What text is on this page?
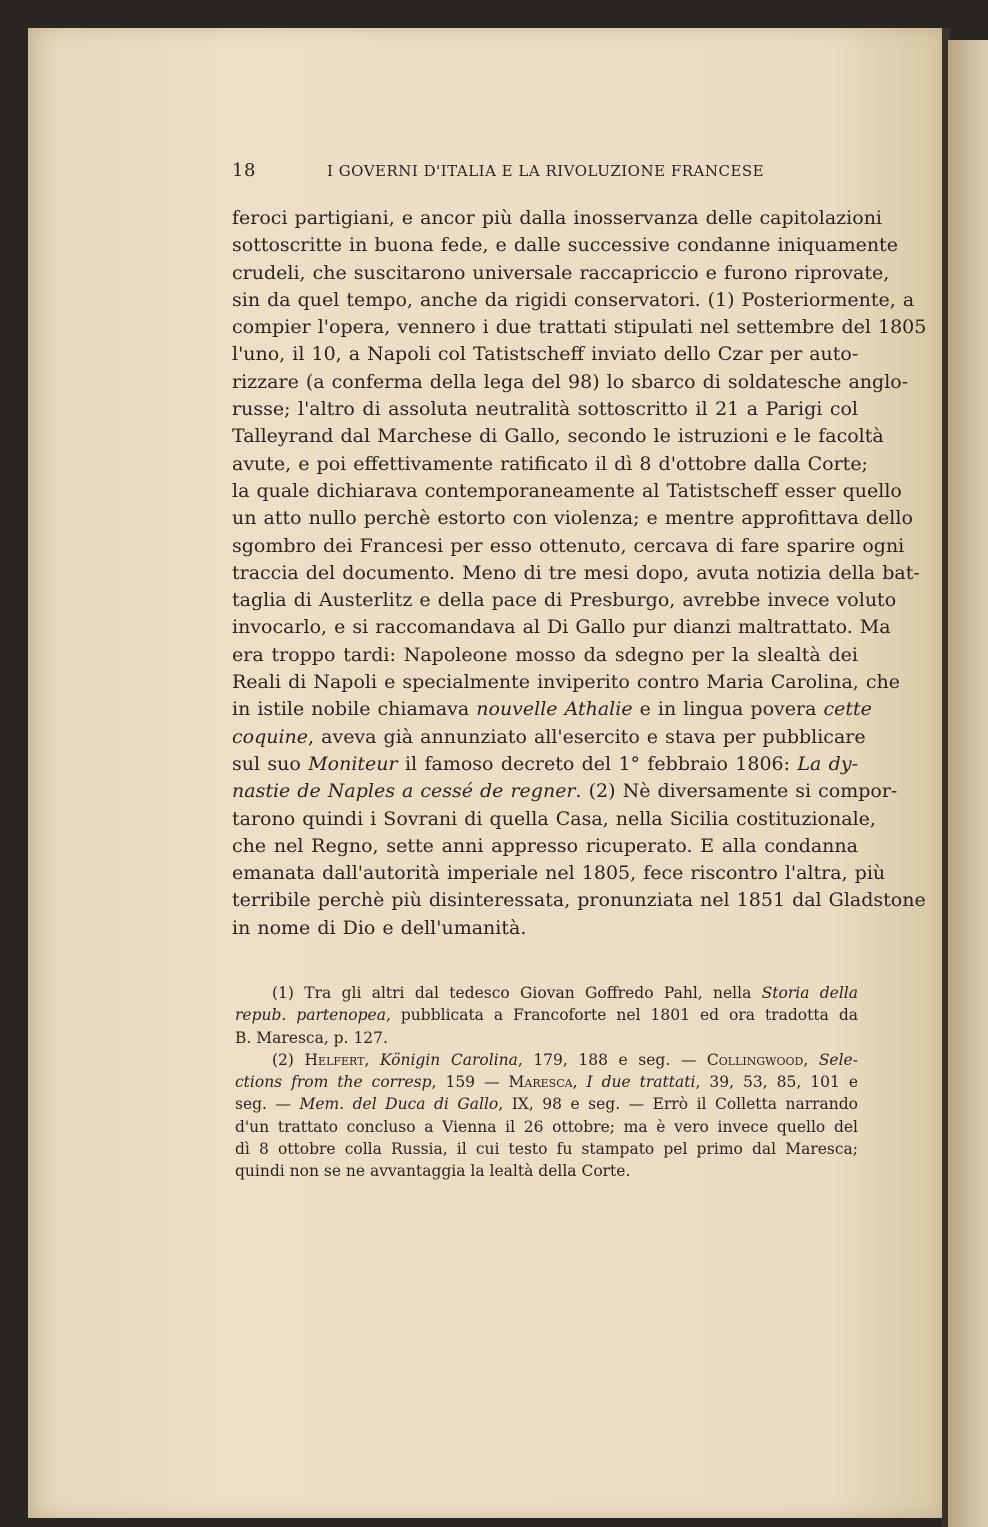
18	I GOVERNI D'ITALIA E LA RIVOLUZIONE FRANCESE
feroci partigiani, e ancor più dalla inosservanza delle capitolazioni
sottoscritte in buona fede, e dalle successive condanne iniquamente
crudeli, che suscitarono universale raccapriccio e furono riprovate,
sin da quel tempo, anche da rigidi conservatori. (1) Posteriormente, a
compier l'opera, vennero i due trattati stipulati nel settembre del 1805
l'uno, il 10, a Napoli col Tatistscheff inviato dello Czar per auto-
rizzare (a conferma della lega del 98) lo sbarco di soldatesche anglo-
russe; l'altro di assoluta neutralità sottoscritto il 21 a Parigi col
Talleyrand dal Marchese di Gallo, secondo le istruzioni e le facoltà
avute, e poi effettivamente ratificato il dì 8 d'ottobre dalla Corte;
la quale dichiarava contemporaneamente al Tatistscheff esser quello
un atto nullo perchè estorto con violenza; e mentre approfittava dello
sgombro dei Francesi per esso ottenuto, cercava di fare sparire ogni
traccia del documento. Meno di tre mesi dopo, avuta notizia della bat-
taglia di Austerlitz e della pace di Presburgo, avrebbe invece voluto
invocarlo, e si raccomandava al Di Gallo pur dianzi maltrattato. Ma
era troppo tardi: Napoleone mosso da sdegno per la slealtà dei
Reali di Napoli e specialmente inviperito contro Maria Carolina, che
in istile nobile chiamava nouvelle Athalie e in lingua povera cette
coquine, aveva già annunziato all'esercito e stava per pubblicare
sul suo Moniteur il famoso decreto del 1° febbraio 1806: La dy-
nastie de Naples a cessé de regner. (2) Nè diversamente si compor-
tarono quindi i Sovrani di quella Casa, nella Sicilia costituzionale,
che nel Regno, sette anni appresso ricuperato. E alla condanna
emanata dall'autorità imperiale nel 1805, fece riscontro l'altra, più
terribile perchè più disinteressata, pronunziata nel 1851 dal Gladstone
in nome di Dio e dell'umanità.
(1) Tra gli altri dal tedesco Giovan Goffredo Pahl, nella Storia della
repub. partenopea, pubblicata a Francoforte nel 1801 ed ora tradotta da
B. Maresca, p. 127.
(2) Helfert, Königin Carolina, 179, 188 e seg. — Collingwood, Sele-
ctions from the corresp, 159 — Maresca, I due trattati, 39, 53, 85, 101 e
seg. — Mem. del Duca di Gallo, IX, 98 e seg. — Errò il Colletta narrando
d'un trattato concluso a Vienna il 26 ottobre; ma è vero invece quello del
dì 8 ottobre colla Russia, il cui testo fu stampato pel primo dal Maresca;
quindi non se ne avvantaggia la lealtà della Corte.
